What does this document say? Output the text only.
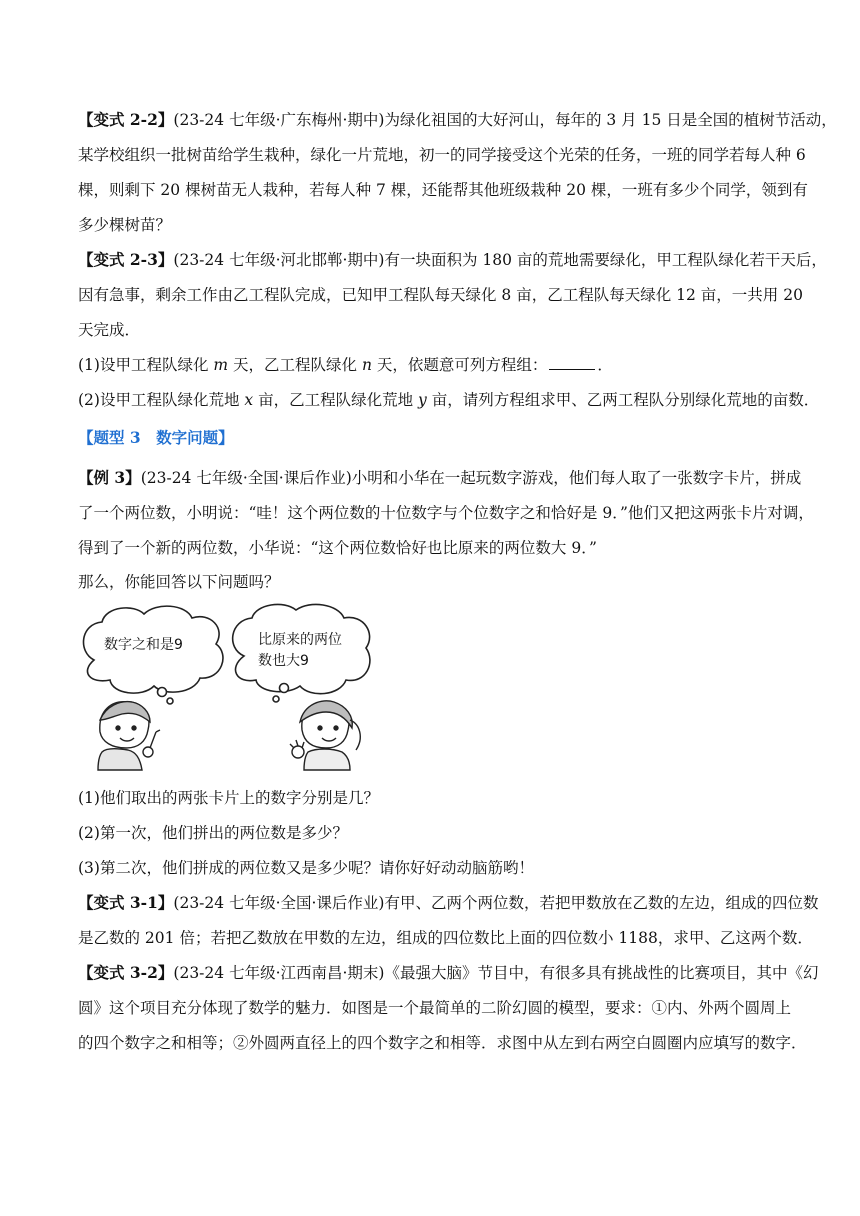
【变式 2-2】(23-24 七年级·广东梅州·期中)为绿化祖国的大好河山，每年的 3 月 15 日是全国的植树节活动，
某学校组织一批树苗给学生栽种，绿化一片荒地，初一的同学接受这个光荣的任务，一班的同学若每人种 6
棵，则剩下 20 棵树苗无人栽种，若每人种 7 棵，还能帮其他班级栽种 20 棵，一班有多少个同学，领到有
多少棵树苗？
【变式 2-3】(23-24 七年级·河北邯郸·期中)有一块面积为 180 亩的荒地需要绿化，甲工程队绿化若干天后，
因有急事，剩余工作由乙工程队完成，已知甲工程队每天绿化 8 亩，乙工程队每天绿化 12 亩，一共用 20
天完成．
(1)设甲工程队绿化 m 天，乙工程队绿化 n 天，依题意可列方程组：	．
(2)设甲工程队绿化荒地 x 亩，乙工程队绿化荒地 y 亩，请列方程组求甲、乙两工程队分别绿化荒地的亩数．
【题型 3　数字问题】
【例 3】(23-24 七年级·全国·课后作业)小明和小华在一起玩数字游戏，他们每人取了一张数字卡片，拼成
了一个两位数，小明说：“哇！这个两位数的十位数字与个位数字之和恰好是 9．”他们又把这两张卡片对调，
得到了一个新的两位数，小华说：“这个两位数恰好也比原来的两位数大 9．”
那么，你能回答以下问题吗？
数字之和是9	比原来的两位
数也大9
(1)他们取出的两张卡片上的数字分别是几？
(2)第一次，他们拼出的两位数是多少？
(3)第二次，他们拼成的两位数又是多少呢？请你好好动动脑筋哟！
【变式 3-1】(23-24 七年级·全国·课后作业)有甲、乙两个两位数，若把甲数放在乙数的左边，组成的四位数
是乙数的 201 倍；若把乙数放在甲数的左边，组成的四位数比上面的四位数小 1188，求甲、乙这两个数．
【变式 3-2】(23-24 七年级·江西南昌·期末)《最强大脑》节目中，有很多具有挑战性的比赛项目，其中《幻
圆》这个项目充分体现了数学的魅力．如图是一个最简单的二阶幻圆的模型，要求：①内、外两个圆周上
的四个数字之和相等；②外圆两直径上的四个数字之和相等．求图中从左到右两空白圆圈内应填写的数字．
